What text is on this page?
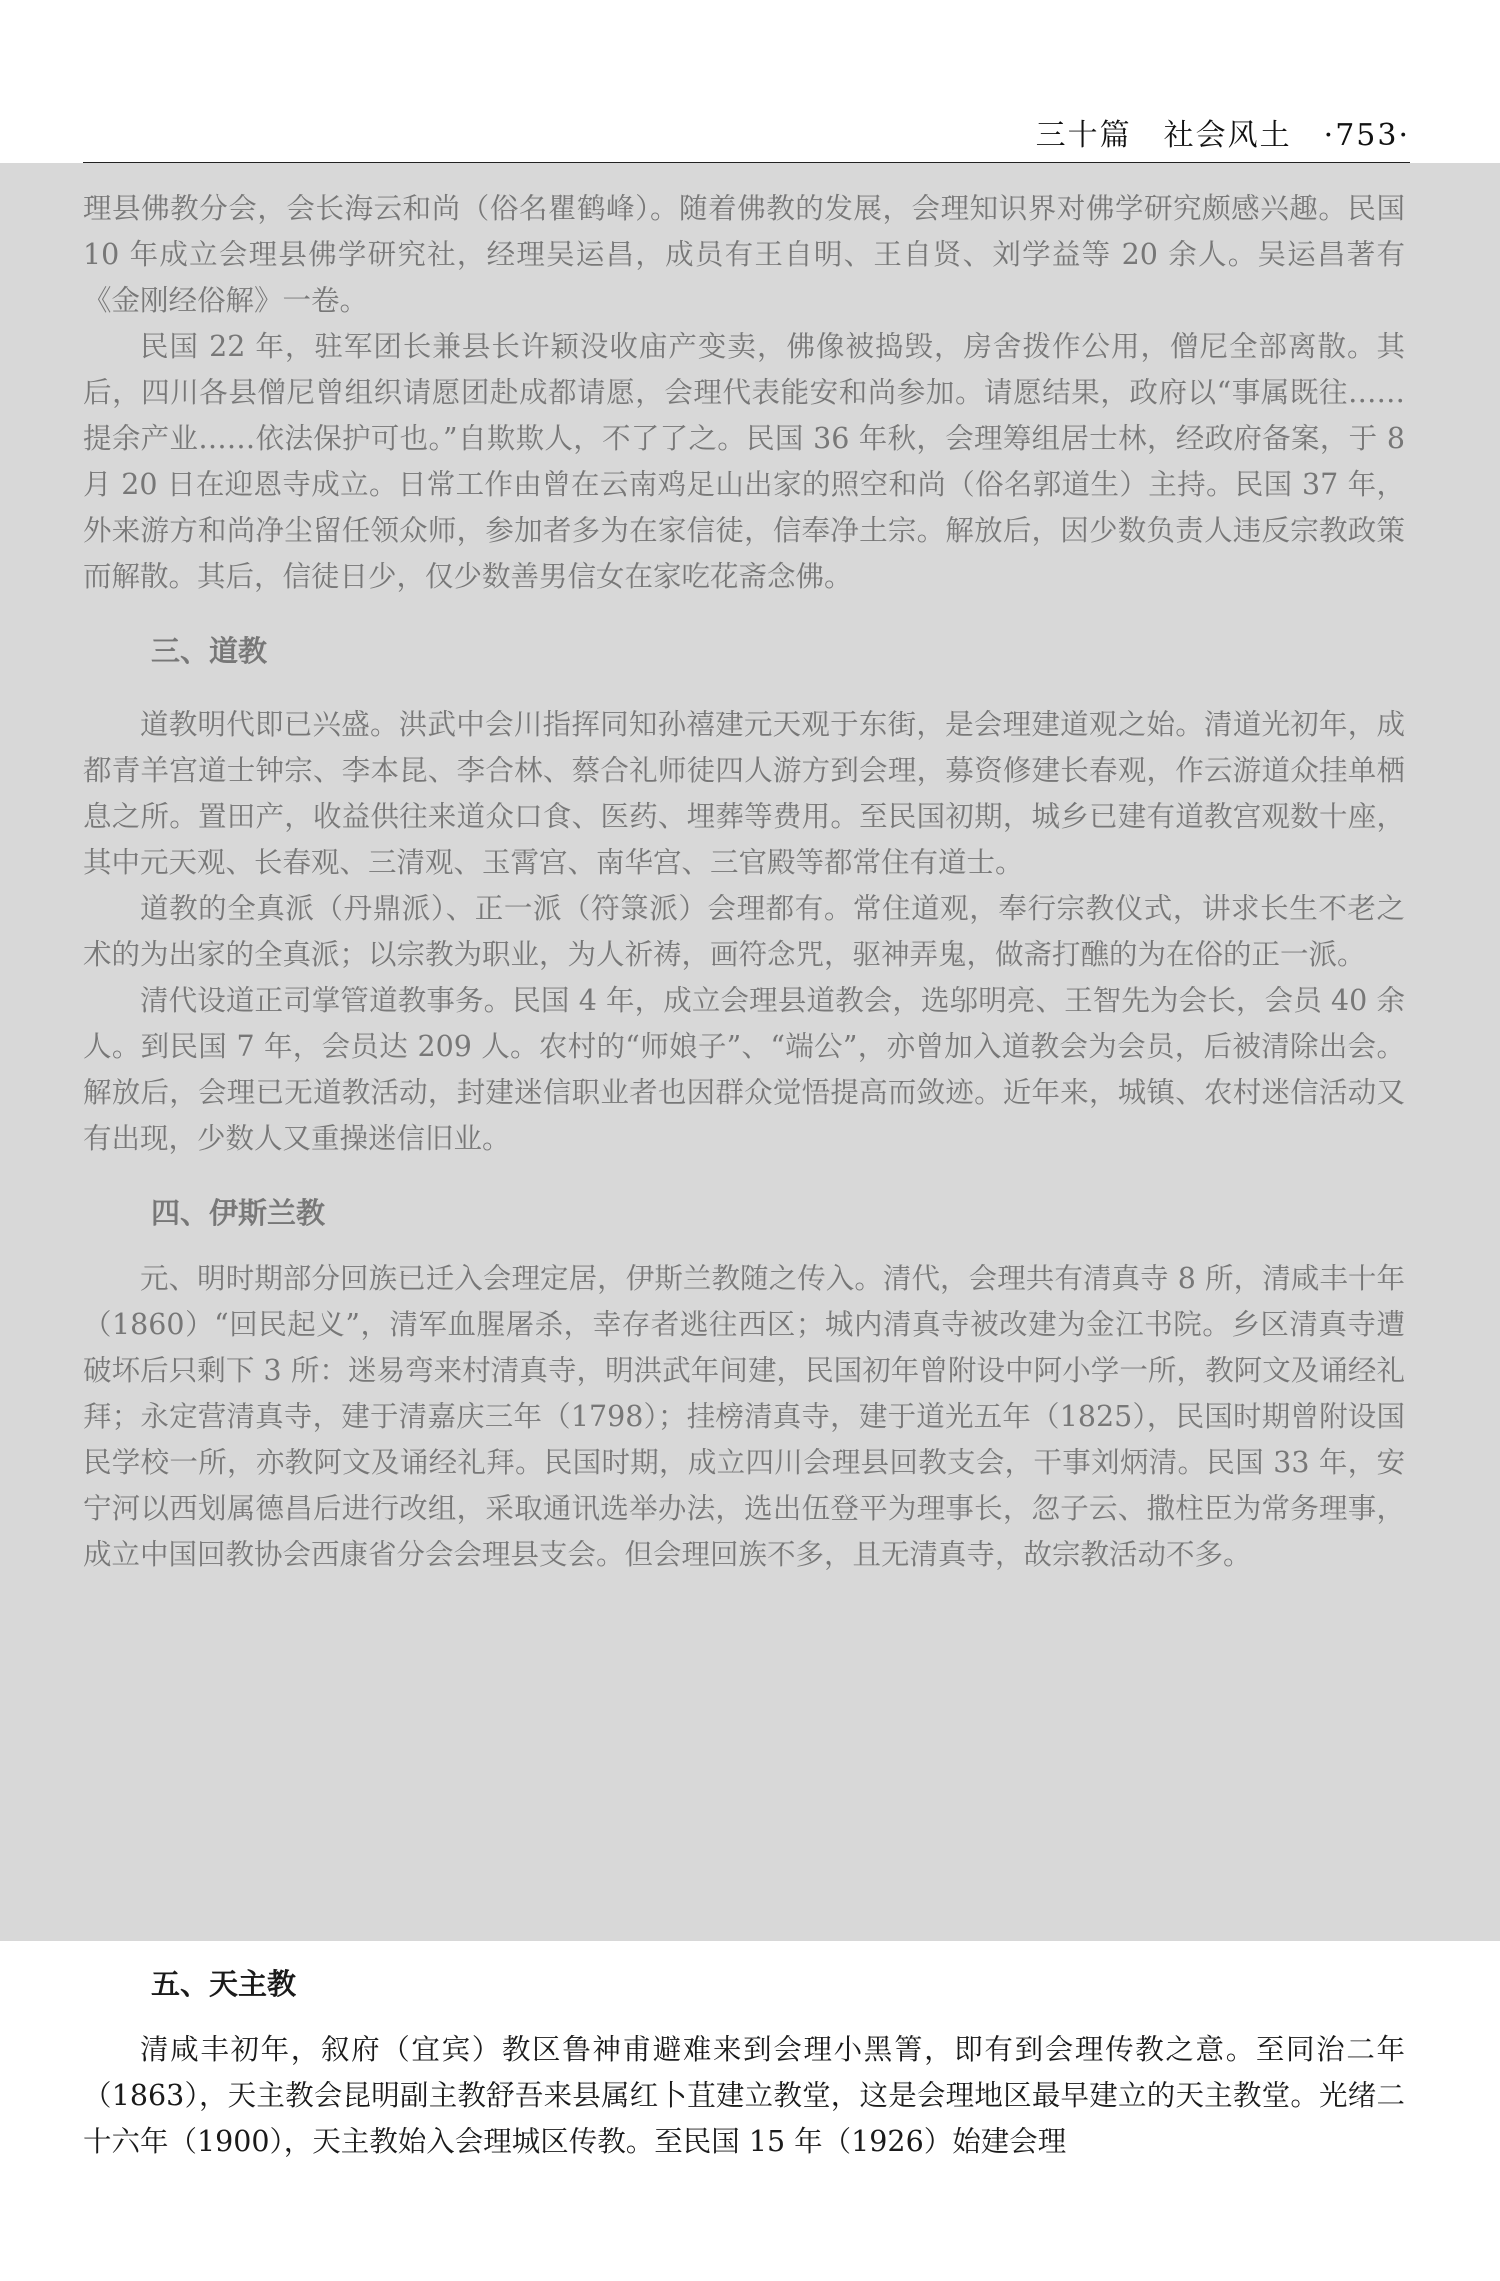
三十篇　社会风土　·753·

理县佛教分会，会长海云和尚（俗名瞿鹤峰）。随着佛教的发展，会理知识界对佛学研究颇感兴趣。民国 10 年成立会理县佛学研究社，经理吴运昌，成员有王自明、王自贤、刘学益等 20 余人。吴运昌著有《金刚经俗解》一卷。

民国 22 年，驻军团长兼县长许颖没收庙产变卖，佛像被捣毁，房舍拨作公用，僧尼全部离散。其后，四川各县僧尼曾组织请愿团赴成都请愿，会理代表能安和尚参加。请愿结果，政府以“事属既往……提余产业……依法保护可也。”自欺欺人，不了了之。民国 36 年秋，会理筹组居士林，经政府备案，于 8 月 20 日在迎恩寺成立。日常工作由曾在云南鸡足山出家的照空和尚（俗名郭道生）主持。民国 37 年，外来游方和尚净尘留任领众师，参加者多为在家信徒，信奉净土宗。解放后，因少数负责人违反宗教政策而解散。其后，信徒日少，仅少数善男信女在家吃花斋念佛。

三、道教

道教明代即已兴盛。洪武中会川指挥同知孙禧建元天观于东街，是会理建道观之始。清道光初年，成都青羊宫道士钟宗、李本昆、李合林、蔡合礼师徒四人游方到会理，募资修建长春观，作云游道众挂单栖息之所。置田产，收益供往来道众口食、医药、埋葬等费用。至民国初期，城乡已建有道教宫观数十座，其中元天观、长春观、三清观、玉霄宫、南华宫、三官殿等都常住有道士。

道教的全真派（丹鼎派）、正一派（符箓派）会理都有。常住道观，奉行宗教仪式，讲求长生不老之术的为出家的全真派；以宗教为职业，为人祈祷，画符念咒，驱神弄鬼，做斋打醮的为在俗的正一派。

清代设道正司掌管道教事务。民国 4 年，成立会理县道教会，选邬明亮、王智先为会长，会员 40 余人。到民国 7 年，会员达 209 人。农村的“师娘子”、“端公”，亦曾加入道教会为会员，后被清除出会。解放后，会理已无道教活动，封建迷信职业者也因群众觉悟提高而敛迹。近年来，城镇、农村迷信活动又有出现，少数人又重操迷信旧业。

四、伊斯兰教

元、明时期部分回族已迁入会理定居，伊斯兰教随之传入。清代，会理共有清真寺 8 所，清咸丰十年（1860）“回民起义”，清军血腥屠杀，幸存者逃往西区；城内清真寺被改建为金江书院。乡区清真寺遭破坏后只剩下 3 所：迷易弯来村清真寺，明洪武年间建，民国初年曾附设中阿小学一所，教阿文及诵经礼拜；永定营清真寺，建于清嘉庆三年（1798）；挂榜清真寺，建于道光五年（1825），民国时期曾附设国民学校一所，亦教阿文及诵经礼拜。民国时期，成立四川会理县回教支会，干事刘炳清。民国 33 年，安宁河以西划属德昌后进行改组，采取通讯选举办法，选出伍登平为理事长，忽子云、撒柱臣为常务理事，成立中国回教协会西康省分会会理县支会。但会理回族不多，且无清真寺，故宗教活动不多。

五、天主教

清咸丰初年，叙府（宜宾）教区鲁神甫避难来到会理小黑箐，即有到会理传教之意。至同治二年（1863），天主教会昆明副主教舒吾来县属红卜苴建立教堂，这是会理地区最早建立的天主教堂。光绪二十六年（1900），天主教始入会理城区传教。至民国 15 年（1926）始建会理
